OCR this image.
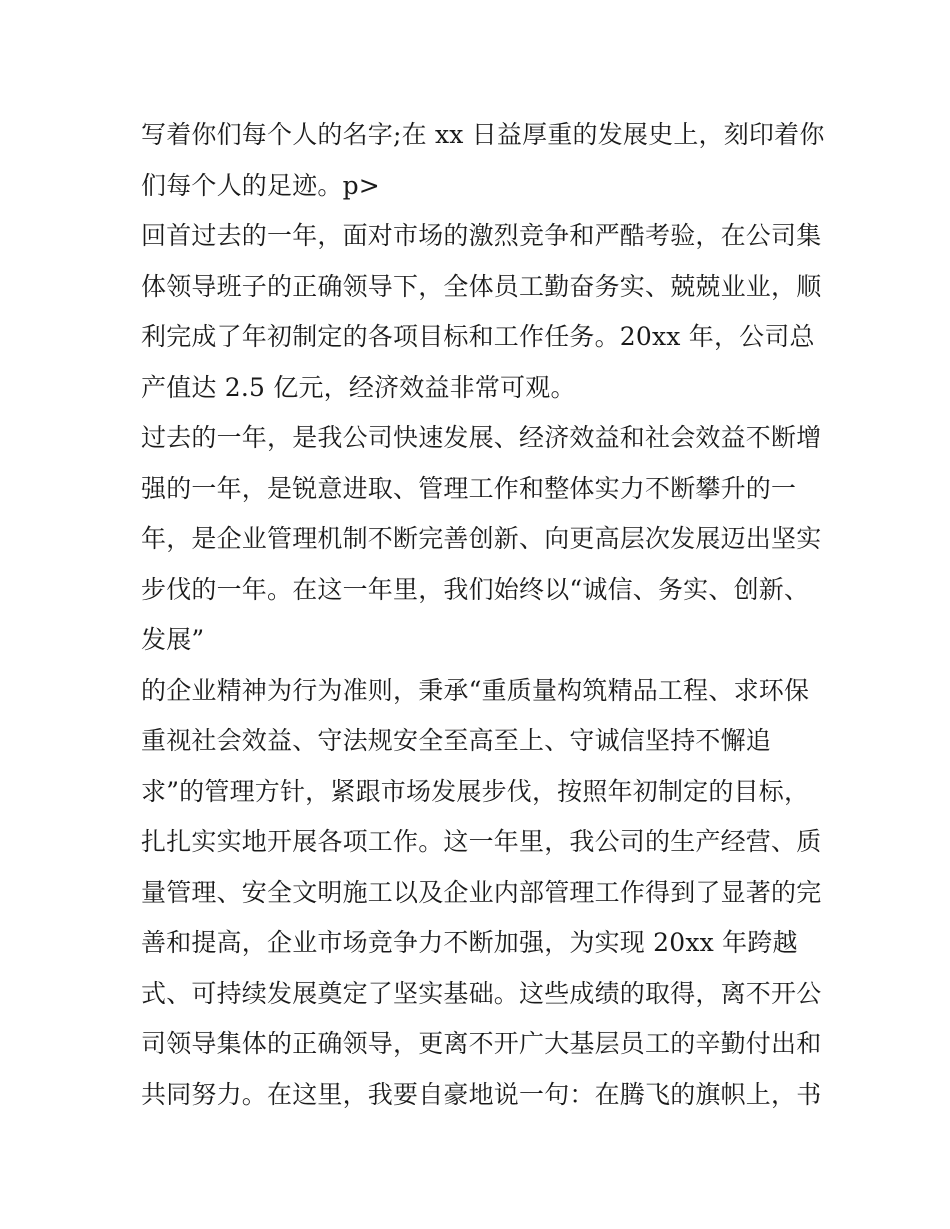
写着你们每个人的名字;在 xx 日益厚重的发展史上，刻印着你
们每个人的足迹。p>
回首过去的一年，面对市场的激烈竞争和严酷考验，在公司集
体领导班子的正确领导下，全体员工勤奋务实、兢兢业业，顺
利完成了年初制定的各项目标和工作任务。20xx 年，公司总
产值达 2.5 亿元，经济效益非常可观。
过去的一年，是我公司快速发展、经济效益和社会效益不断增
强的一年，是锐意进取、管理工作和整体实力不断攀升的一
年，是企业管理机制不断完善创新、向更高层次发展迈出坚实
步伐的一年。在这一年里，我们始终以“诚信、务实、创新、
发展”
的企业精神为行为准则，秉承“重质量构筑精品工程、求环保
重视社会效益、守法规安全至高至上、守诚信坚持不懈追
求”的管理方针，紧跟市场发展步伐，按照年初制定的目标，
扎扎实实地开展各项工作。这一年里，我公司的生产经营、质
量管理、安全文明施工以及企业内部管理工作得到了显著的完
善和提高，企业市场竞争力不断加强，为实现 20xx 年跨越
式、可持续发展奠定了坚实基础。这些成绩的取得，离不开公
司领导集体的正确领导，更离不开广大基层员工的辛勤付出和
共同努力。在这里，我要自豪地说一句：在腾飞的旗帜上，书
